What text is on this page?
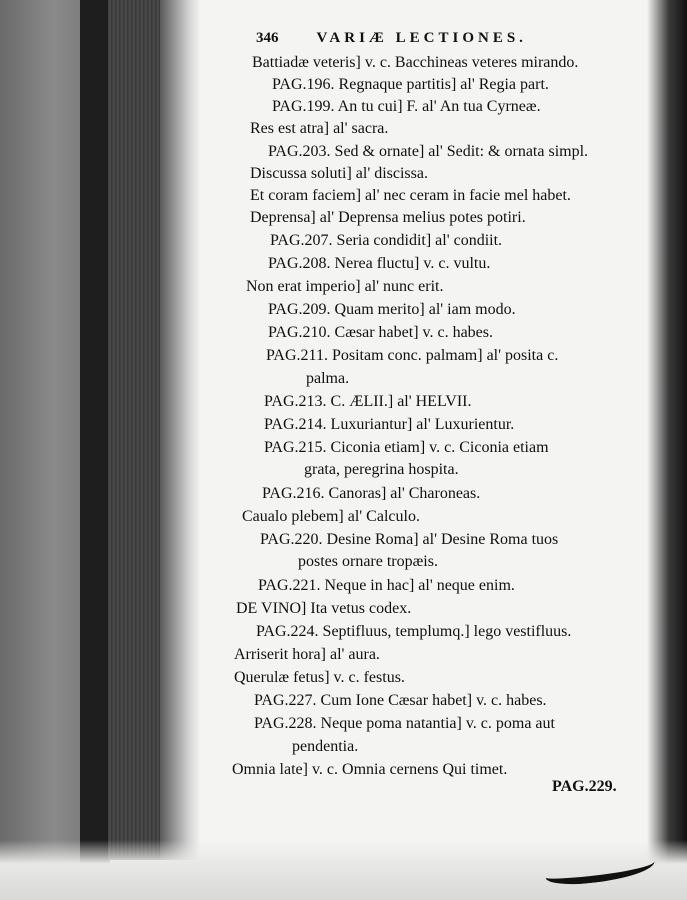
346	VARIÆ LECTIONES.
Battiadæ veteris] v. c. Bacchineas veteres mirando.
PAG.196. Regnaque partitis] al' Regia part.
PAG.199. An tu cui] F. al' An tua Cyrneæ.
Res est atra] al' sacra.
PAG.203. Sed & ornate] al' Sedit: & ornata simpl.
Discussa soluti] al' discissa.
Et coram faciem] al' nec ceram in facie mel habet.
Deprensa] al' Deprensa melius potes potiri.
PAG.207. Seria condidit] al' condiit.
PAG.208. Nerea fluctu] v. c. vultu.
Non erat imperio] al' nunc erit.
PAG.209. Quam merito] al' iam modo.
PAG.210. Cæsar habet] v. c. habes.
PAG.211. Positam conc. palmam] al' posita c.
palma.
PAG.213. C. ÆLII.] al' HELVII.
PAG.214. Luxuriantur] al' Luxurientur.
PAG.215. Ciconia etiam] v. c. Ciconia etiam
grata, peregrina hospita.
PAG.216. Canoras] al' Charoneas.
Caualo plebem] al' Calculo.
PAG.220. Desine Roma] al' Desine Roma tuos
postes ornare tropæis.
PAG.221. Neque in hac] al' neque enim.
DE VINO] Ita vetus codex.
PAG.224. Septifluus, templumq.] lego vestifluus.
Arriserit hora] al' aura.
Querulæ fetus] v. c. festus.
PAG.227. Cum Ione Cæsar habet] v. c. habes.
PAG.228. Neque poma natantia] v. c. poma aut
pendentia.
Omnia late] v. c. Omnia cernens Qui timet.
PAG.229.
